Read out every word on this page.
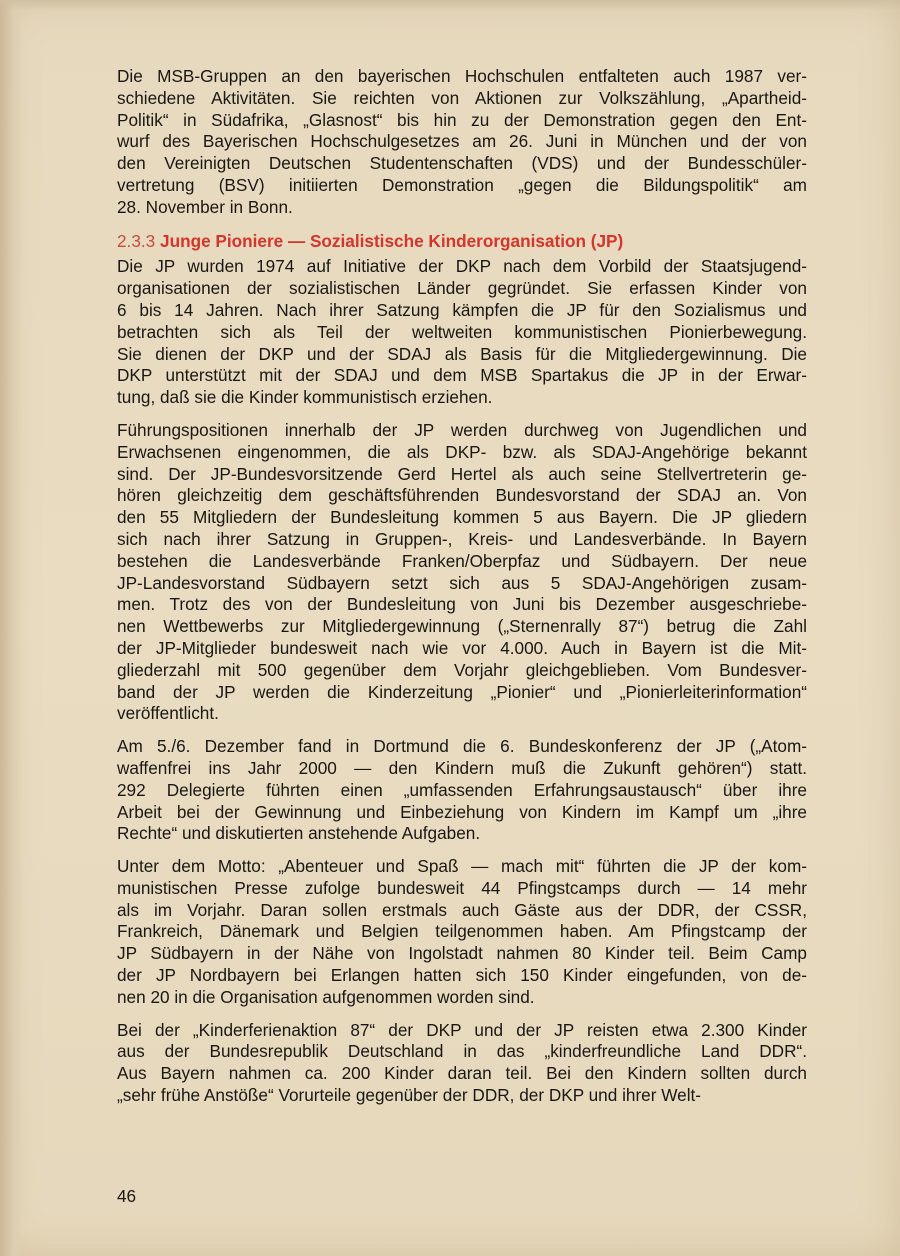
Die MSB-Gruppen an den bayerischen Hochschulen entfalteten auch 1987 ver-
schiedene Aktivitäten. Sie reichten von Aktionen zur Volkszählung, „Apartheid-
Politik“ in Südafrika, „Glasnost“ bis hin zu der Demonstration gegen den Ent-
wurf des Bayerischen Hochschulgesetzes am 26. Juni in München und der von
den Vereinigten Deutschen Studentenschaften (VDS) und der Bundesschüler-
vertretung (BSV) initiierten Demonstration „gegen die Bildungspolitik“ am
28. November in Bonn.

2.3.3 Junge Pioniere — Sozialistische Kinderorganisation (JP)

Die JP wurden 1974 auf Initiative der DKP nach dem Vorbild der Staatsjugend-
organisationen der sozialistischen Länder gegründet. Sie erfassen Kinder von
6 bis 14 Jahren. Nach ihrer Satzung kämpfen die JP für den Sozialismus und
betrachten sich als Teil der weltweiten kommunistischen Pionierbewegung.
Sie dienen der DKP und der SDAJ als Basis für die Mitgliedergewinnung. Die
DKP unterstützt mit der SDAJ und dem MSB Spartakus die JP in der Erwar-
tung, daß sie die Kinder kommunistisch erziehen.

Führungspositionen innerhalb der JP werden durchweg von Jugendlichen und
Erwachsenen eingenommen, die als DKP- bzw. als SDAJ-Angehörige bekannt
sind. Der JP-Bundesvorsitzende Gerd Hertel als auch seine Stellvertreterin ge-
hören gleichzeitig dem geschäftsführenden Bundesvorstand der SDAJ an. Von
den 55 Mitgliedern der Bundesleitung kommen 5 aus Bayern. Die JP gliedern
sich nach ihrer Satzung in Gruppen-, Kreis- und Landesverbände. In Bayern
bestehen die Landesverbände Franken/Oberpfaz und Südbayern. Der neue
JP-Landesvorstand Südbayern setzt sich aus 5 SDAJ-Angehörigen zusam-
men. Trotz des von der Bundesleitung von Juni bis Dezember ausgeschriebe-
nen Wettbewerbs zur Mitgliedergewinnung („Sternenrally 87“) betrug die Zahl
der JP-Mitglieder bundesweit nach wie vor 4.000. Auch in Bayern ist die Mit-
gliederzahl mit 500 gegenüber dem Vorjahr gleichgeblieben. Vom Bundesver-
band der JP werden die Kinderzeitung „Pionier“ und „Pionierleiterinformation“
veröffentlicht.

Am 5./6. Dezember fand in Dortmund die 6. Bundeskonferenz der JP („Atom-
waffenfrei ins Jahr 2000 — den Kindern muß die Zukunft gehören“) statt.
292 Delegierte führten einen „umfassenden Erfahrungsaustausch“ über ihre
Arbeit bei der Gewinnung und Einbeziehung von Kindern im Kampf um „ihre
Rechte“ und diskutierten anstehende Aufgaben.

Unter dem Motto: „Abenteuer und Spaß — mach mit“ führten die JP der kom-
munistischen Presse zufolge bundesweit 44 Pfingstcamps durch — 14 mehr
als im Vorjahr. Daran sollen erstmals auch Gäste aus der DDR, der CSSR,
Frankreich, Dänemark und Belgien teilgenommen haben. Am Pfingstcamp der
JP Südbayern in der Nähe von Ingolstadt nahmen 80 Kinder teil. Beim Camp
der JP Nordbayern bei Erlangen hatten sich 150 Kinder eingefunden, von de-
nen 20 in die Organisation aufgenommen worden sind.

Bei der „Kinderferienaktion 87“ der DKP und der JP reisten etwa 2.300 Kinder
aus der Bundesrepublik Deutschland in das „kinderfreundliche Land DDR“.
Aus Bayern nahmen ca. 200 Kinder daran teil. Bei den Kindern sollten durch
„sehr frühe Anstöße“ Vorurteile gegenüber der DDR, der DKP und ihrer Welt-

46
